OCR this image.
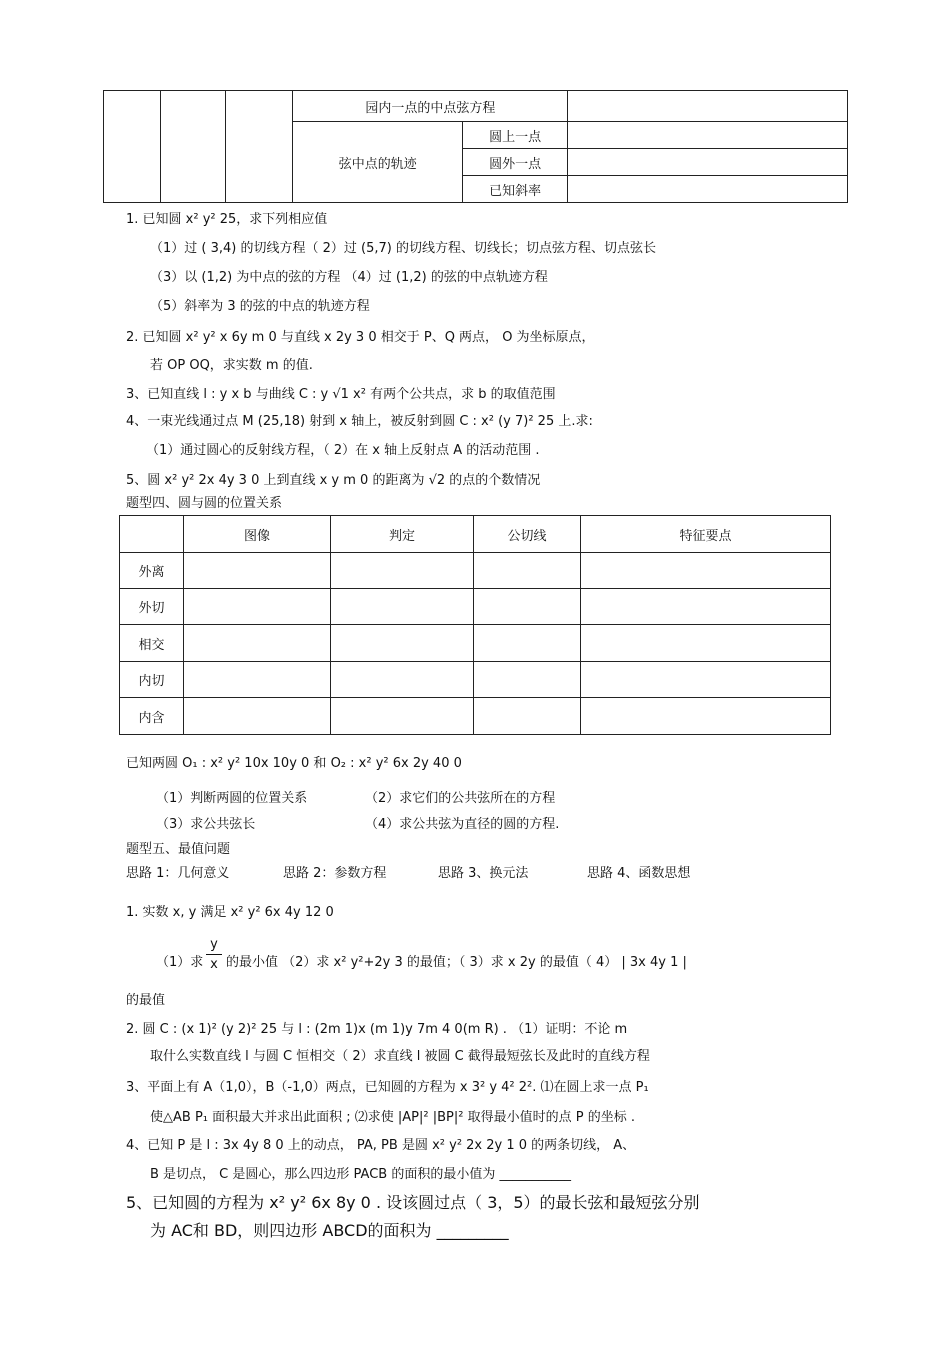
			园内一点的中点弦方程		
			弦中点的轨迹	圆上一点	
				圆外一点	
				已知斜率	
1. 已知圆 x² y² 25，求下列相应值
（1）过 ( 3,4) 的切线方程（ 2）过 (5,7) 的切线方程、切线长；切点弦方程、切点弦长
（3）以 (1,2) 为中点的弦的方程 （4）过 (1,2) 的弦的中点轨迹方程
（5）斜率为 3 的弦的中点的轨迹方程
2. 已知圆 x² y² x 6y m 0 与直线 x 2y 3 0 相交于 P、Q 两点， O 为坐标原点，
若 OP OQ，求实数 m 的值.
3、已知直线 l : y x b 与曲线 C : y √1 x² 有两个公共点，求 b 的取值范围
4、一束光线通过点 M (25,18) 射到 x 轴上，被反射到圆 C : x² (y 7)² 25 上.求:
（1）通过圆心的反射线方程，（ 2）在 x 轴上反射点 A 的活动范围 .
5、圆 x² y² 2x 4y 3 0 上到直线 x y m 0 的距离为 √2 的点的个数情况
题型四、圆与圆的位置关系
	图像	判定	公切线	特征要点
外离				
外切				
相交				
内切				
内含				
已知两圆 O₁ : x² y² 10x 10y 0 和 O₂ : x² y² 6x 2y 40 0
（1）判断两圆的位置关系	（2）求它们的公共弦所在的方程
（3）求公共弦长	（4）求公共弦为直径的圆的方程.
题型五、最值问题
思路 1：几何意义	思路 2：参数方程	思路 3、换元法	思路 4、函数思想
1. 实数 x, y 满足 x² y² 6x 4y 12 0
（1）求 $\frac{y}{x}$ 的最小值 （2）求 x² y²+2y 3 的最值；（ 3）求 x 2y 的最值（ 4） | 3x 4y 1 |
的最值
2. 圆 C : (x 1)² (y 2)² 25 与 l : (2m 1)x (m 1)y 7m 4 0(m R) . （1）证明：不论 m
取什么实数直线 l 与圆 C 恒相交（ 2）求直线 l 被圆 C 截得最短弦长及此时的直线方程
3、平面上有 A（1,0），B（-1,0）两点，已知圆的方程为 x 3² y 4² 2². ⑴在圆上求一点 P₁
使△AB P₁ 面积最大并求出此面积 ; ⑵求使 |AP|² |BP|² 取得最小值时的点 P 的坐标 .
4、已知 P 是 l : 3x 4y 8 0 上的动点， PA, PB 是圆 x² y² 2x 2y 1 0 的两条切线， A、
B 是切点， C 是圆心，那么四边形 PACB 的面积的最小值为 ___________
5、已知圆的方程为 x² y² 6x 8y 0 . 设该圆过点（ 3，5）的最长弦和最短弦分别
为 AC和 BD，则四边形 ABCD的面积为 _________
